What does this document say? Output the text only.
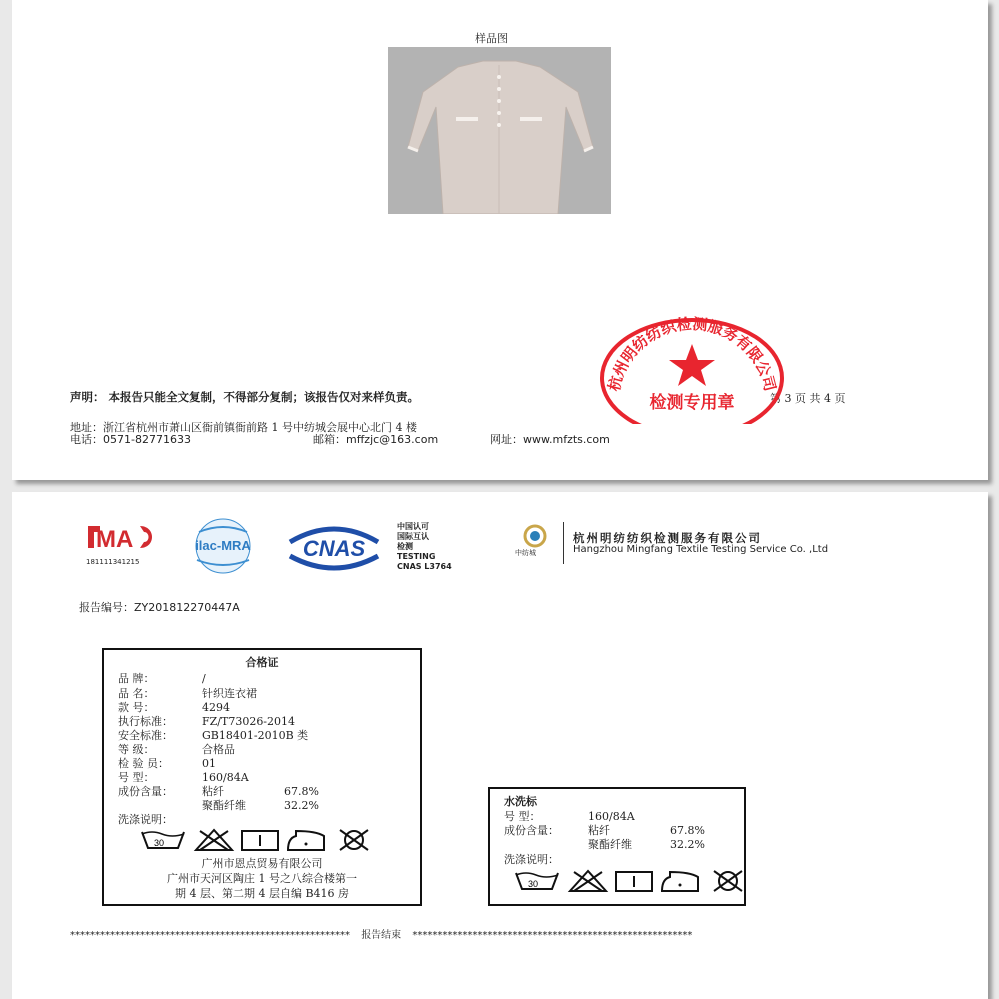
样品图
声明： 本报告只能全文复制，不得部分复制；该报告仅对来样负责。	第 3 页 共 4 页
地址：浙江省杭州市萧山区衙前镇衙前路 1 号中纺城会展中心北门 4 楼
电话：0571-82771633	邮箱：mffzjc@163.com	网址：www.mfzts.com
杭州明纺纺织检测服务有限公司
检测专用章
MA
181111341215
ilac-MRA CNAS
中国认可
国际互认
检测
TESTING
CNAS L3764
中纺城
杭州明纺纺织检测服务有限公司
Hangzhou Mingfang Textile Testing Service Co. ,Ltd
报告编号：ZY201812270447A
合格证
品 牌：	/
品 名：	针织连衣裙
款 号：	4294
执行标准：	FZ/T73026-2014
安全标准：	GB18401-2010B 类
等 级：	合格品
检 验 员：	01
号 型：	160/84A
成份含量：	粘纤	67.8%
聚酯纤维	32.2%
洗涤说明：
30
广州市恩点贸易有限公司
广州市天河区陶庄 1 号之八综合楼第一
期 4 层、第二期 4 层自编 B416 房
水洗标
号 型：	160/84A
成份含量：	粘纤	67.8%
聚酯纤维	32.2%
洗涤说明：
30
******************************************************** 报告结束 ********************************************************
